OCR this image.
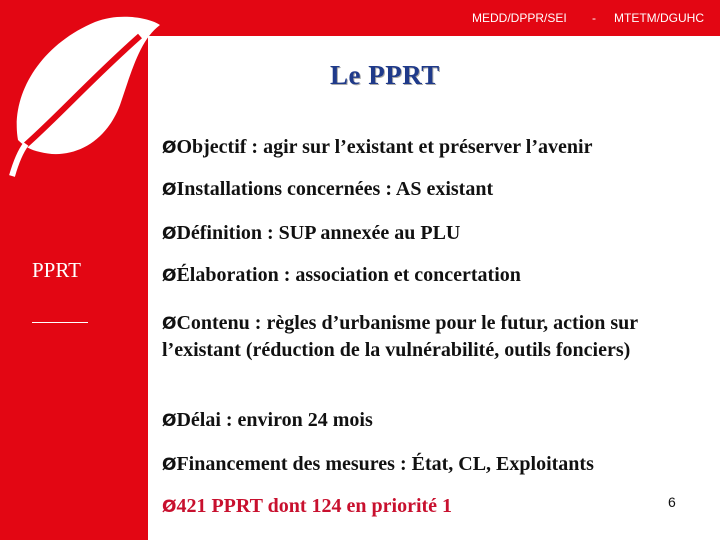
MEDD/DPPR/SEI - MTETM/DGUHC
PPRT
Le PPRT
ØObjectif : agir sur l’existant et préserver l’avenir
ØInstallations concernées : AS existant
ØDéfinition : SUP annexée au PLU
ØÉlaboration : association et concertation
ØContenu : règles d’urbanisme pour le futur, action sur l’existant (réduction de la vulnérabilité, outils fonciers)
ØDélai : environ 24 mois
ØFinancement des mesures : État, CL, Exploitants
Ø421 PPRT dont 124 en priorité 1	6
